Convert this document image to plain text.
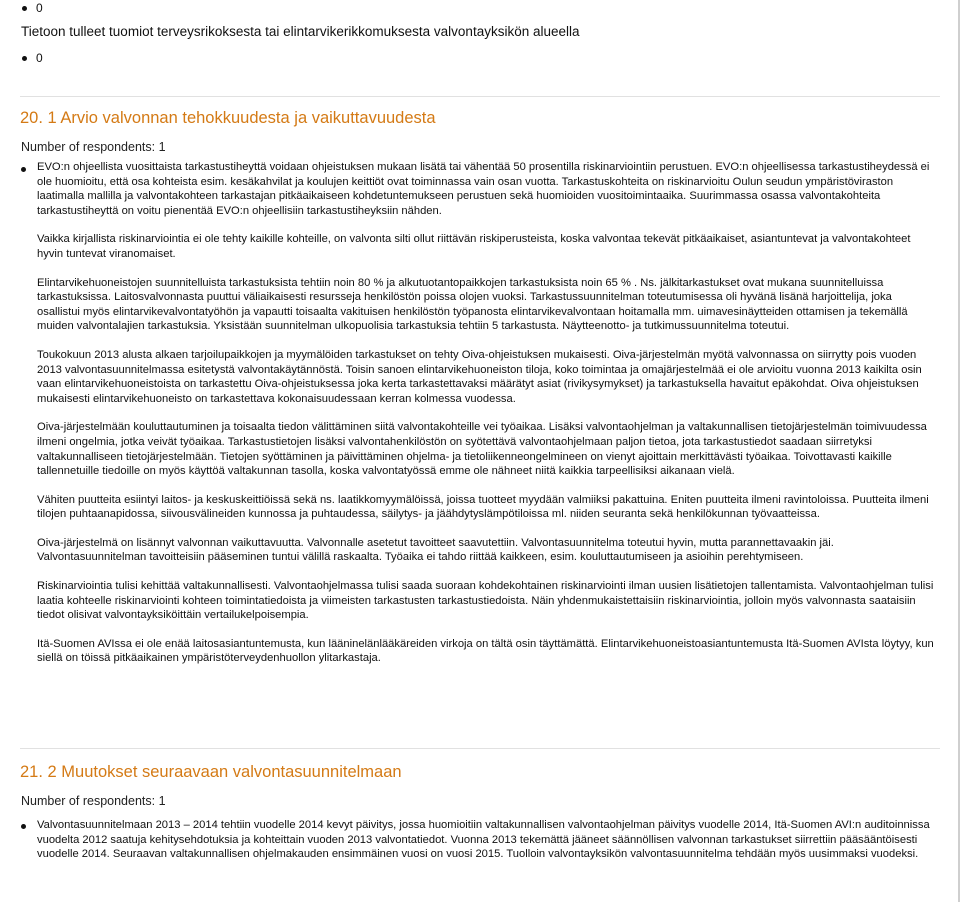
0
Tietoon tulleet tuomiot terveysrikoksesta tai elintarvikerikkomuksesta valvontayksikön alueella
0
20. 1 Arvio valvonnan tehokkuudesta ja vaikuttavuudesta
Number of respondents: 1

EVO:n ohjeellista vuosittaista tarkastustiheyttä voidaan ohjeistuksen mukaan lisätä tai vähentää 50 prosentilla riskinarviointiin perustuen. EVO:n ohjeellisessa tarkastustiheydessä ei ole huomioitu, että osa kohteista esim. kesäkahvilat ja koulujen keittiöt ovat toiminnassa vain osan vuotta. Tarkastuskohteita on riskinarvioitu Oulun seudun ympäristöviraston laatimalla mallilla ja valvontakohteen tarkastajan pitkäaikaiseen kohdetuntemukseen perustuen sekä huomioiden vuositoimintaaika. Suurimmassa osassa valvontakohteita tarkastustiheyttä on voitu pienentää EVO:n ohjeellisiin tarkastustiheyksiin nähden.

Vaikka kirjallista riskinarviointia ei ole tehty kaikille kohteille, on valvonta silti ollut riittävän riskiperusteista, koska valvontaa tekevät pitkäaikaiset, asiantuntevat ja valvontakohteet hyvin tuntevat viranomaiset.

Elintarvikehuoneistojen suunnitelluista tarkastuksista tehtiin noin 80 % ja alkutuotantopaikkojen tarkastuksista noin 65 % . Ns. jälkitarkastukset ovat mukana suunnitelluissa tarkastuksissa. Laitosvalvonnasta puuttui väliaikaisesti resursseja henkilöstön poissa olojen vuoksi. Tarkastussuunnitelman toteutumisessa oli hyvänä lisänä harjoittelija, joka osallistui myös elintarvikevalvontatyöhön ja vapautti toisaalta vakituisen henkilöstön työpanosta elintarvikevalvontaan hoitamalla mm. uimavesinäytteiden ottamisen ja tekemällä muiden valvontalajien tarkastuksia. Yksistään suunnitelman ulkopuolisia tarkastuksia tehtiin 5 tarkastusta. Näytteenotto- ja tutkimussuunnitelma toteutui.

Toukokuun 2013 alusta alkaen tarjoilupaikkojen ja myymälöiden tarkastukset on tehty Oiva-ohjeistuksen mukaisesti. Oiva-järjestelmän myötä valvonnassa on siirrytty pois vuoden 2013 valvontasuunnitelmassa esitetystä valvontakäytännöstä. Toisin sanoen elintarvikehuoneiston tiloja, koko toimintaa ja omajärjestelmää ei ole arvioitu vuonna 2013 kaikilta osin vaan elintarvikehuoneistoista on tarkastettu Oiva-ohjeistuksessa joka kerta tarkastettavaksi määrätyt asiat (rivikysymykset) ja tarkastuksella havaitut epäkohdat. Oiva ohjeistuksen mukaisesti elintarvikehuoneisto on tarkastettava kokonaisuudessaan kerran kolmessa vuodessa.

Oiva-järjestelmään kouluttautuminen ja toisaalta tiedon välittäminen siitä valvontakohteille vei työaikaa. Lisäksi valvontaohjelman ja valtakunnallisen tietojärjestelmän toimivuudessa ilmeni ongelmia, jotka veivät työaikaa. Tarkastustietojen lisäksi valvontahenkilöstön on syötettävä valvontaohjelmaan paljon tietoa, jota tarkastustiedot saadaan siirretyksi valtakunnalliseen tietojärjestelmään. Tietojen syöttäminen ja päivittäminen ohjelma- ja tietoliikenneongelmineen on vienyt ajoittain merkittävästi työaikaa. Toivottavasti kaikille tallennetuille tiedoille on myös käyttöä valtakunnan tasolla, koska valvontatyössä emme ole nähneet niitä kaikkia tarpeellisiksi aikanaan vielä.

Vähiten puutteita esiintyi laitos- ja keskuskeittiöissä sekä ns. laatikkomyymälöissä, joissa tuotteet myydään valmiiksi pakattuina. Eniten puutteita ilmeni ravintoloissa. Puutteita ilmeni tilojen puhtaanapidossa, siivousvälineiden kunnossa ja puhtaudessa, säilytys- ja jäähdytyslämpötiloissa ml. niiden seuranta sekä henkilökunnan työvaatteissa.

Oiva-järjestelmä on lisännyt valvonnan vaikuttavuutta. Valvonnalle asetetut tavoitteet saavutettiin. Valvontasuunnitelma toteutui hyvin, mutta parannettavaakin jäi. Valvontasuunnitelman tavoitteisiin pääseminen tuntui välillä raskaalta. Työaika ei tahdo riittää kaikkeen, esim. kouluttautumiseen ja asioihin perehtymiseen.

Riskinarviointia tulisi kehittää valtakunnallisesti. Valvontaohjelmassa tulisi saada suoraan kohdekohtainen riskinarviointi ilman uusien lisätietojen tallentamista. Valvontaohjelman tulisi laatia kohteelle riskinarviointi kohteen toimintatiedoista ja viimeisten tarkastusten tarkastustiedoista. Näin yhdenmukaistettaisiin riskinarviointia, jolloin myös valvonnasta saataisiin tiedot olisivat valvontayksiköittäin vertailukelpoisempia.

Itä-Suomen AVIssa ei ole enää laitosasiantuntemusta, kun lääninelänlääkäreiden virkoja on tältä osin täyttämättä. Elintarvikehuoneistoasiantuntemusta Itä-Suomen AVIsta löytyy, kun siellä on töissä pitkäaikainen ympäristöterveydenhuollon ylitarkastaja.

21. 2 Muutokset seuraavaan valvontasuunnitelmaan
Number of respondents: 1

Valvontasuunnitelmaan 2013 – 2014 tehtiin vuodelle 2014 kevyt päivitys, jossa huomioitiin valtakunnallisen valvontaohjelman päivitys vuodelle 2014, Itä-Suomen AVI:n auditoinnissa vuodelta 2012 saatuja kehitysehdotuksia ja kohteittain vuoden 2013 valvontatiedot. Vuonna 2013 tekemättä jääneet säännöllisen valvonnan tarkastukset siirrettiin pääsääntöisesti vuodelle 2014. Seuraavan valtakunnallisen ohjelmakauden ensimmäinen vuosi on vuosi 2015. Tuolloin valvontayksikön valvontasuunnitelma tehdään myös uusimmaksi vuodeksi.
